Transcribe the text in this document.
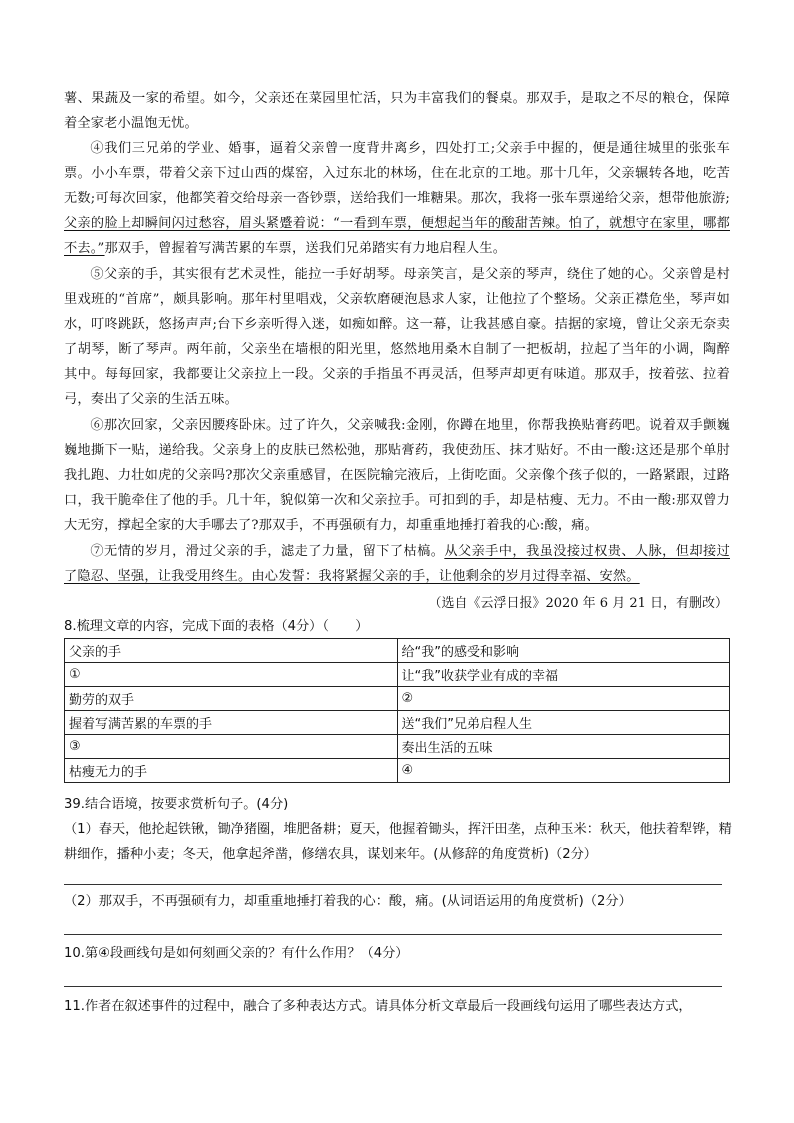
薯、果蔬及一家的希望。如今，父亲还在菜园里忙活，只为丰富我们的餐桌。那双手，是取之不尽的粮仓，保障着全家老小温饱无忧。

④我们三兄弟的学业、婚事，逼着父亲曾一度背井离乡，四处打工;父亲手中握的，便是通往城里的张张车票。小小车票，带着父亲下过山西的煤窑，入过东北的林场，住在北京的工地。那十几年，父亲辗转各地，吃苦无数;可每次回家，他都笑着交给母亲一沓钞票，送给我们一堆糖果。那次，我将一张车票递给父亲，想带他旅游;父亲的脸上却瞬间闪过愁容，眉头紧蹙着说：“一看到车票，便想起当年的酸甜苦辣。怕了，就想守在家里，哪都不去。”那双手，曾握着写满苦累的车票，送我们兄弟踏实有力地启程人生。

⑤父亲的手，其实很有艺术灵性，能拉一手好胡琴。母亲笑言，是父亲的琴声，绕住了她的心。父亲曾是村里戏班的“首席”，颇具影响。那年村里唱戏，父亲软磨硬泡恳求人家，让他拉了个整场。父亲正襟危坐，琴声如水，叮咚跳跃，悠扬声声;台下乡亲听得入迷，如痴如醉。这一幕，让我甚感自豪。拮据的家境，曾让父亲无奈卖了胡琴，断了琴声。两年前，父亲坐在墙根的阳光里，悠然地用桑木自制了一把板胡，拉起了当年的小调，陶醉其中。每每回家，我都要让父亲拉上一段。父亲的手指虽不再灵活，但琴声却更有味道。那双手，按着弦、拉着弓，奏出了父亲的生活五味。

⑥那次回家，父亲因腰疼卧床。过了许久，父亲喊我:金刚，你蹲在地里，你帮我换贴膏药吧。说着双手颤巍巍地撕下一贴，递给我。父亲身上的皮肤已然松弛，那贴膏药，我使劲压、抹才贴好。不由一酸:这还是那个单肘我扎跑、力壮如虎的父亲吗?那次父亲重感冒，在医院输完液后，上街吃面。父亲像个孩子似的，一路紧跟，过路口，我干脆牵住了他的手。几十年，貌似第一次和父亲拉手。可扣到的手，却是枯瘦、无力。不由一酸:那双曾力大无穷，撑起全家的大手哪去了?那双手，不再强硕有力，却重重地捶打着我的心:酸，痛。

⑦无情的岁月，滑过父亲的手，滤走了力量，留下了枯槁。从父亲手中，我虽没接过权贵、人脉，但却接过了隐忍、坚强，让我受用终生。由心发誓：我将紧握父亲的手，让他剩余的岁月过得幸福、安然。

（选自《云浮日报》2020 年 6 月 21 日，有删改）

8.梳理文章的内容，完成下面的表格（4分）（　　）

父亲的手	给“我”的感受和影响
①	让“我”收获学业有成的幸福
勤劳的双手	②
握着写满苦累的车票的手	送“我们”兄弟启程人生
③	奏出生活的五味
枯瘦无力的手	④

39.结合语境，按要求赏析句子。(4分)

（1）春天，他抡起铁锹，锄净猪圈，堆肥备耕；夏天，他握着锄头，挥汗田垄，点种玉米：秋天，他扶着犁铧，精耕细作，播种小麦；冬天，他拿起斧凿，修缮农具，谋划来年。(从修辞的角度赏析)（2分）

（2）那双手，不再强硕有力，却重重地捶打着我的心：酸，痛。(从词语运用的角度赏析)（2分）

10.第④段画线句是如何刻画父亲的？有什么作用？（4分）

11.作者在叙述事件的过程中，融合了多种表达方式。请具体分析文章最后一段画线句运用了哪些表达方式，
